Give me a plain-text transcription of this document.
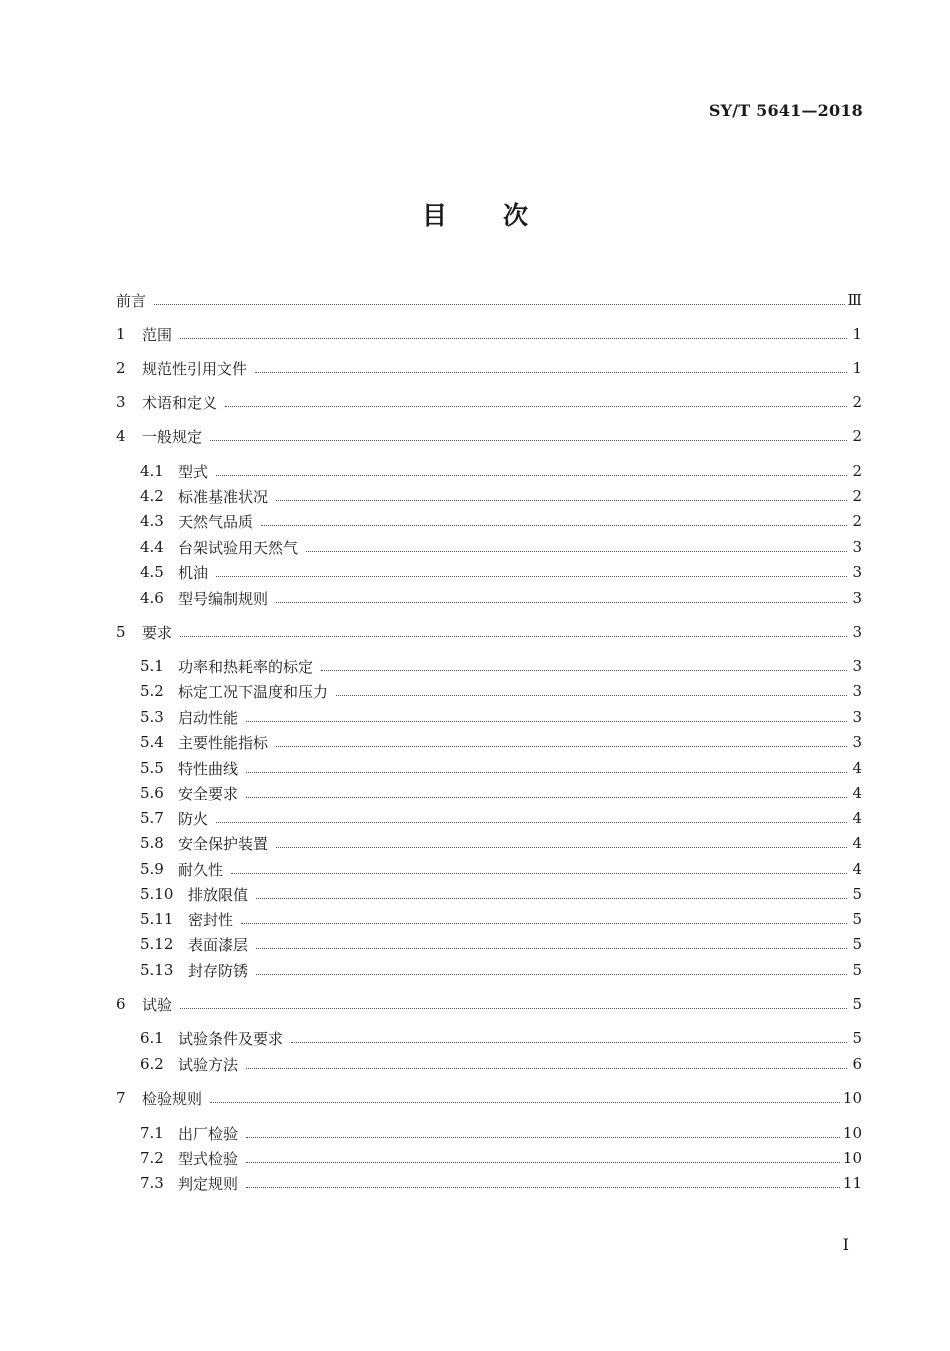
SY/T 5641—2018
目 次
前言	Ⅲ
1	范围	1
2	规范性引用文件	1
3	术语和定义	2
4	一般规定	2
4.1 型式	2
4.2 标准基准状况	2
4.3 天然气品质	2
4.4 台架试验用天然气	3
4.5 机油	3
4.6 型号编制规则	3
5	要求	3
5.1 功率和热耗率的标定	3
5.2 标定工况下温度和压力	3
5.3 启动性能	3
5.4 主要性能指标	3
5.5 特性曲线	4
5.6 安全要求	4
5.7 防火	4
5.8 安全保护装置	4
5.9 耐久性	4
5.10 排放限值	5
5.11 密封性	5
5.12 表面漆层	5
5.13 封存防锈	5
6	试验	5
6.1 试验条件及要求	5
6.2 试验方法	6
7	检验规则	10
7.1 出厂检验	10
7.2 型式检验	10
7.3 判定规则	11
I
